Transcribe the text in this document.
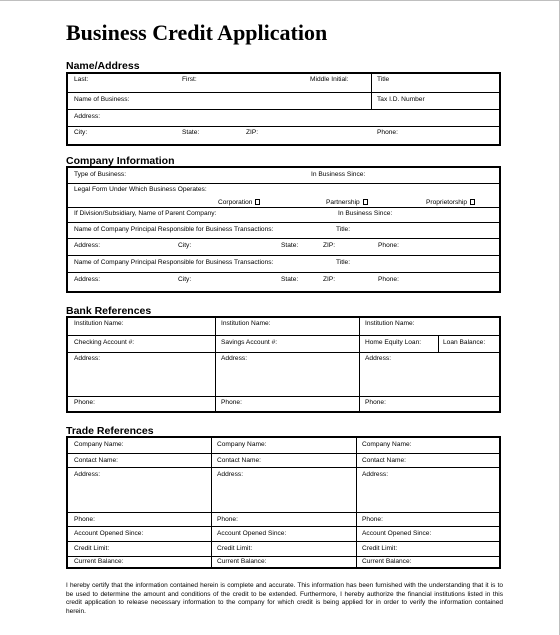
Business Credit Application
Name/Address
Last:	First:	Middle Initial:	Title
Name of Business:	Tax I.D. Number
Address:
City:	State:	ZIP:	Phone:
Company Information
Type of Business:	In Business Since:
Legal Form Under Which Business Operates:
Corporation	Partnership	Proprietorship
If Division/Subsidiary, Name of Parent Company:	In Business Since:
Name of Company Principal Responsible for Business Transactions:	Title:
Address:	City:	State:	ZIP:	Phone:
Name of Company Principal Responsible for Business Transactions:	Title:
Address:	City:	State:	ZIP:	Phone:
Bank References
Institution Name:	Institution Name:	Institution Name:
Checking Account #:	Savings Account #:	Home Equity Loan:	Loan Balance:
Address:	Address:	Address:
Phone:	Phone:	Phone:
Trade References
Company Name:	Company Name:	Company Name:
Contact Name:	Contact Name:	Contact Name:
Address:	Address:	Address:
Phone:	Phone:	Phone:
Account Opened Since:	Account Opened Since:	Account Opened Since:
Credit Limit:	Credit Limit:	Credit Limit:
Current Balance:	Current Balance:	Current Balance:
I hereby certify that the information contained herein is complete and accurate. This information has been furnished with the understanding that it is to be used to determine the amount and conditions of the credit to be extended. Furthermore, I hereby authorize the financial institutions listed in this credit application to release necessary information to the company for which credit is being applied for in order to verify the information contained herein.
